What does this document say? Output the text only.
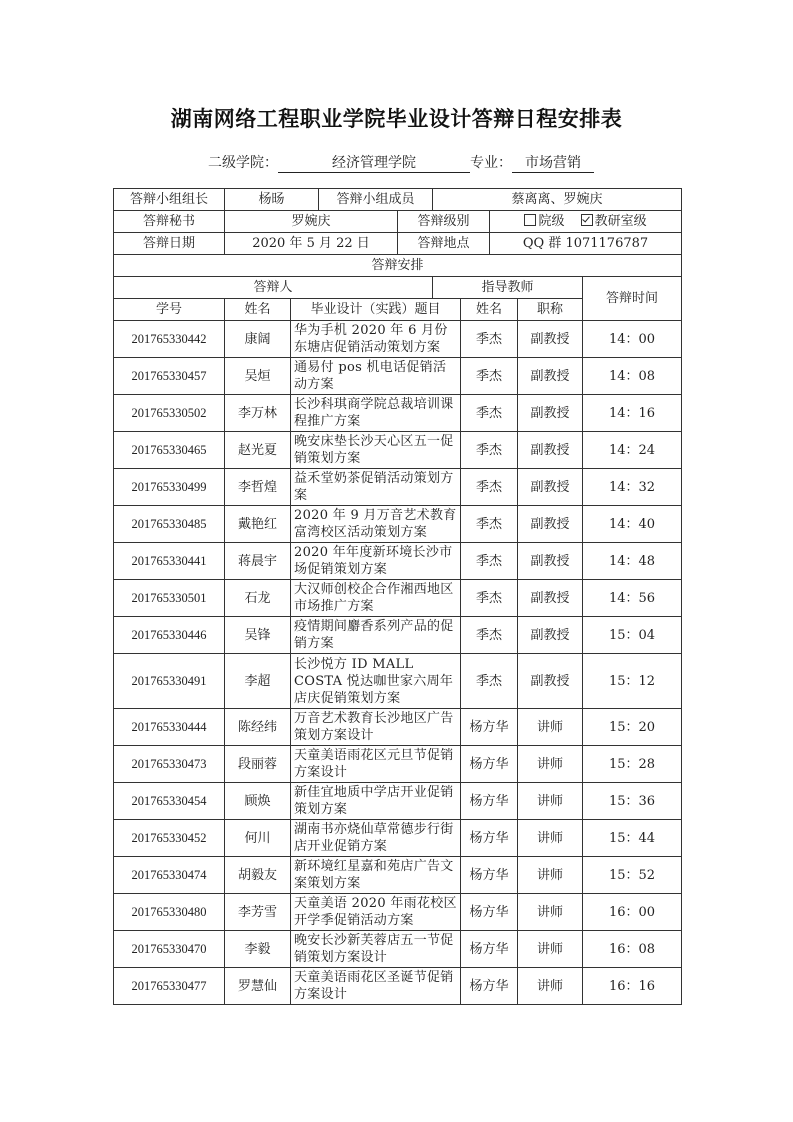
湖南网络工程职业学院毕业设计答辩日程安排表
二级学院：	经济管理学院	专业： 市场营销
答辩小组组长	杨旸		答辩小组成员		蔡离离、罗婉庆				
答辩秘书	罗婉庆			答辩级别			院级 教研室级		
答辩日期	2020 年 5 月 22 日			答辩地点			QQ 群 1071176787		
答辩安排									
答辩人					指导教师				答辩时间
学号	姓名	毕业设计（实践）题目				姓名		职称	
201765330442	康阔	华为手机 2020 年 6 月份东塘店促销活动策划方案				季杰		副教授	14：00
201765330457	吴烜	通易付 pos 机电话促销活动方案				季杰		副教授	14：08
201765330502	李万林	长沙科琪商学院总裁培训课程推广方案				季杰		副教授	14：16
201765330465	赵光夏	晚安床垫长沙天心区五一促销策划方案				季杰		副教授	14：24
201765330499	李哲煌	益禾堂奶茶促销活动策划方案				季杰		副教授	14：32
201765330485	戴艳红	2020 年 9 月万音艺术教育富湾校区活动策划方案				季杰		副教授	14：40
201765330441	蒋晨宇	2020 年年度新环境长沙市场促销策划方案				季杰		副教授	14：48
201765330501	石龙	大汉师创校企合作湘西地区市场推广方案				季杰		副教授	14：56
201765330446	吴锋	疫情期间麝香系列产品的促销方案				季杰		副教授	15：04
201765330491	李超	长沙悦方 ID MALL COSTA 悦达咖世家六周年店庆促销策划方案				季杰		副教授	15：12
201765330444	陈经纬	万音艺术教育长沙地区广告策划方案设计				杨方华		讲师	15：20
201765330473	段丽蓉	天童美语雨花区元旦节促销方案设计				杨方华		讲师	15：28
201765330454	顾焕	新佳宜地质中学店开业促销策划方案				杨方华		讲师	15：36
201765330452	何川	湖南书亦烧仙草常德步行街店开业促销方案				杨方华		讲师	15：44
201765330474	胡毅友	新环境红星嘉和苑店广告文案策划方案				杨方华		讲师	15：52
201765330480	李芳雪	天童美语 2020 年雨花校区开学季促销活动方案				杨方华		讲师	16：00
201765330470	李毅	晚安长沙新芙蓉店五一节促销策划方案设计				杨方华		讲师	16：08
201765330477	罗慧仙	天童美语雨花区圣诞节促销方案设计				杨方华		讲师	16：16
